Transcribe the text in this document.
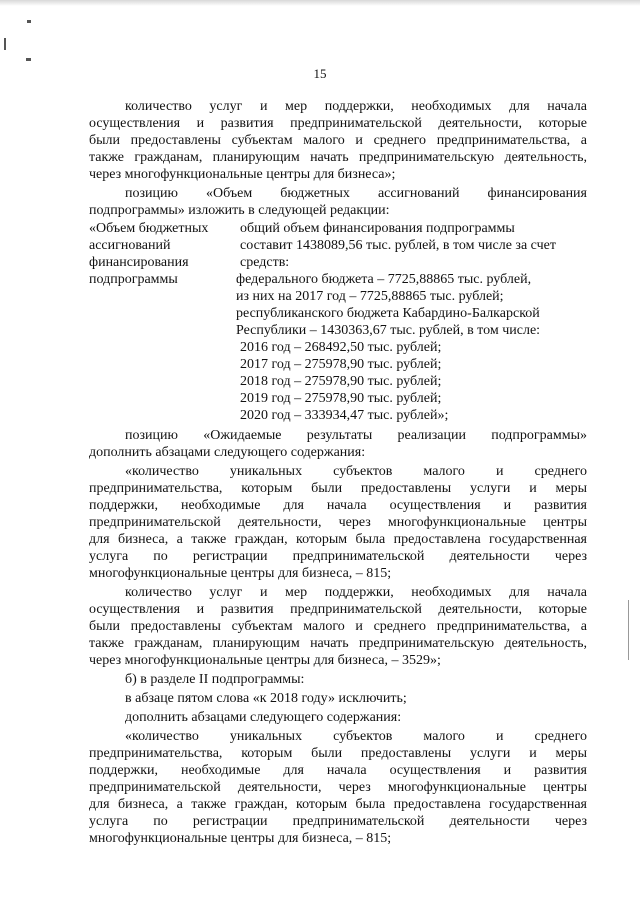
15
количество услуг и мер поддержки, необходимых для начала
осуществления и развития предпринимательской деятельности, которые
были предоставлены субъектам малого и среднего предпринимательства, а
также гражданам, планирующим начать предпринимательскую деятельность,
через многофункциональные центры для бизнеса»;
позицию «Объем бюджетных ассигнований финансирования
подпрограммы» изложить в следующей редакции:
«Объем бюджетных
ассигнований
финансирования
подпрограммы
общий объем финансирования подпрограммы
составит 1438089,56 тыс. рублей, в том числе за счет
средств:
федерального бюджета – 7725,88865 тыс. рублей,
из них на 2017 год – 7725,88865 тыс. рублей;
республиканского бюджета Кабардино-Балкарской
Республики – 1430363,67 тыс. рублей, в том числе:
2016 год – 268492,50 тыс. рублей;
2017 год – 275978,90 тыс. рублей;
2018 год – 275978,90 тыс. рублей;
2019 год – 275978,90 тыс. рублей;
2020 год – 333934,47 тыс. рублей»;
позицию «Ожидаемые результаты реализации подпрограммы»
дополнить абзацами следующего содержания:
«количество уникальных субъектов малого и среднего
предпринимательства, которым были предоставлены услуги и меры
поддержки, необходимые для начала осуществления и развития
предпринимательской деятельности, через многофункциональные центры
для бизнеса, а также граждан, которым была предоставлена государственная
услуга по регистрации предпринимательской деятельности через
многофункциональные центры для бизнеса, – 815;
количество услуг и мер поддержки, необходимых для начала
осуществления и развития предпринимательской деятельности, которые
были предоставлены субъектам малого и среднего предпринимательства, а
также гражданам, планирующим начать предпринимательскую деятельность,
через многофункциональные центры для бизнеса, – 3529»;
б) в разделе II подпрограммы:
в абзаце пятом слова «к 2018 году» исключить;
дополнить абзацами следующего содержания:
«количество уникальных субъектов малого и среднего
предпринимательства, которым были предоставлены услуги и меры
поддержки, необходимые для начала осуществления и развития
предпринимательской деятельности, через многофункциональные центры
для бизнеса, а также граждан, которым была предоставлена государственная
услуга по регистрации предпринимательской деятельности через
многофункциональные центры для бизнеса, – 815;
